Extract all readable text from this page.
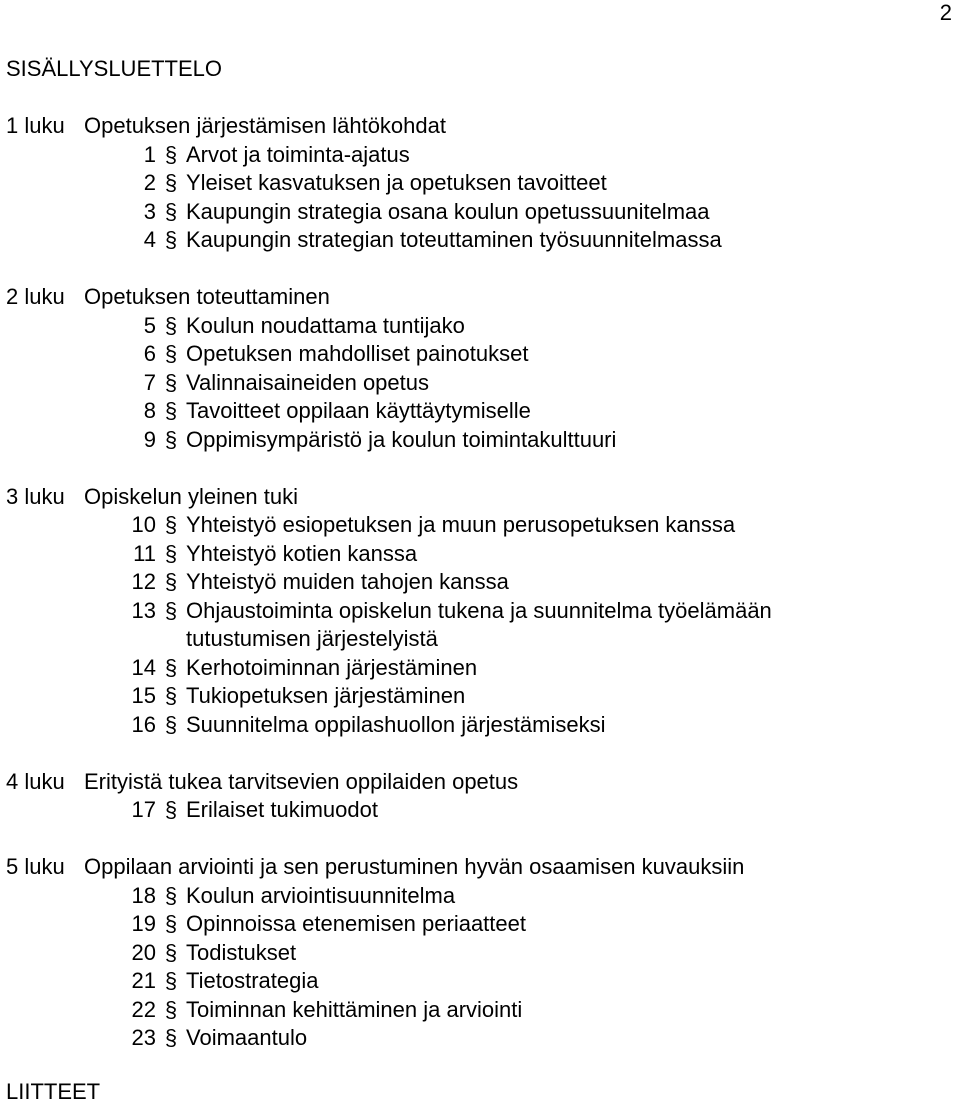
2
SISÄLLYSLUETTELO
1 luku Opetuksen järjestämisen lähtökohdat
1 § Arvot ja toiminta-ajatus
2 § Yleiset kasvatuksen ja opetuksen tavoitteet
3 § Kaupungin strategia osana koulun opetussuunitelmaa
4 § Kaupungin strategian toteuttaminen työsuunnitelmassa
2 luku Opetuksen toteuttaminen
5 § Koulun noudattama tuntijako
6 § Opetuksen mahdolliset painotukset
7 § Valinnaisaineiden opetus
8 § Tavoitteet oppilaan käyttäytymiselle
9 § Oppimisympäristö ja koulun toimintakulttuuri
3 luku Opiskelun yleinen tuki
10 § Yhteistyö esiopetuksen ja muun perusopetuksen kanssa
11 § Yhteistyö kotien kanssa
12 § Yhteistyö muiden tahojen kanssa
13 § Ohjaustoiminta opiskelun tukena ja suunnitelma työelämään tutustumisen järjestelyistä
14 § Kerhotoiminnan järjestäminen
15 § Tukiopetuksen järjestäminen
16 § Suunnitelma oppilashuollon järjestämiseksi
4 luku Erityistä tukea tarvitsevien oppilaiden opetus
17 § Erilaiset tukimuodot
5 luku Oppilaan arviointi ja sen perustuminen hyvän osaamisen kuvauksiin
18 § Koulun arviointisuunnitelma
19 § Opinnoissa etenemisen periaatteet
20 § Todistukset
21 § Tietostrategia
22 § Toiminnan kehittäminen ja arviointi
23 § Voimaantulo
LIITTEET
